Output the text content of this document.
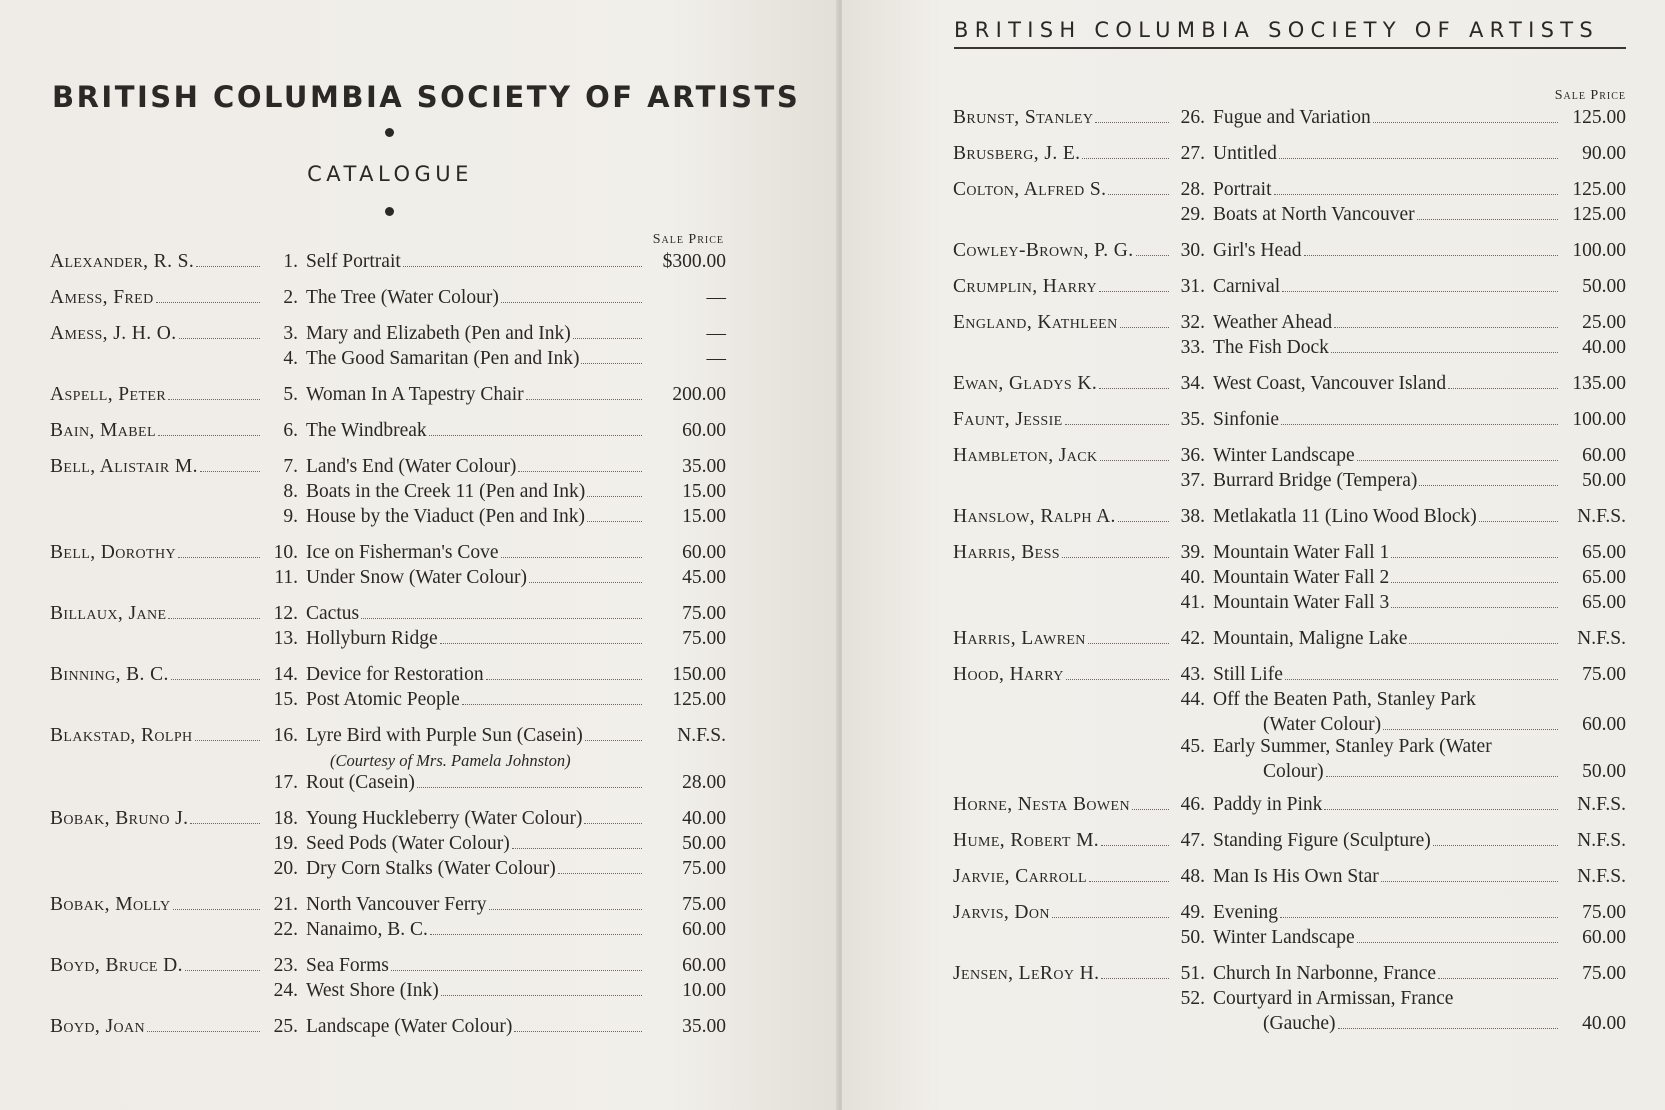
BRITISH COLUMBIA SOCIETY OF ARTISTS
CATALOGUE
Sale Price
Alexander, R. S.	1. Self Portrait	$300.00
Amess, Fred	2. The Tree (Water Colour)	—
Amess, J. H. O.	3. Mary and Elizabeth (Pen and Ink)	—
4. The Good Samaritan (Pen and Ink)	—
Aspell, Peter	5. Woman In A Tapestry Chair	200.00
Bain, Mabel	6. The Windbreak	60.00
Bell, Alistair M.	7. Land's End (Water Colour)	35.00
8. Boats in the Creek 11 (Pen and Ink)	15.00
9. House by the Viaduct (Pen and Ink)	15.00
Bell, Dorothy	10. Ice on Fisherman's Cove	60.00
11. Under Snow (Water Colour)	45.00
Billaux, Jane	12. Cactus	75.00
13. Hollyburn Ridge	75.00
Binning, B. C.	14. Device for Restoration	150.00
15. Post Atomic People	125.00
Blakstad, Rolph	16. Lyre Bird with Purple Sun (Casein)	N.F.S.
(Courtesy of Mrs. Pamela Johnston)
17. Rout (Casein)	28.00
Bobak, Bruno J.	18. Young Huckleberry (Water Colour)	40.00
19. Seed Pods (Water Colour)	50.00
20. Dry Corn Stalks (Water Colour)	75.00
Bobak, Molly	21. North Vancouver Ferry	75.00
22. Nanaimo, B. C.	60.00
Boyd, Bruce D.	23. Sea Forms	60.00
24. West Shore (Ink)	10.00
Boyd, Joan	25. Landscape (Water Colour)	35.00
BRITISH COLUMBIA SOCIETY OF ARTISTS
Sale Price
Brunst, Stanley	26. Fugue and Variation	125.00
Brusberg, J. E.	27. Untitled	90.00
Colton, Alfred S.	28. Portrait	125.00
29. Boats at North Vancouver	125.00
Cowley-Brown, P. G.	30. Girl's Head	100.00
Crumplin, Harry	31. Carnival	50.00
England, Kathleen	32. Weather Ahead	25.00
33. The Fish Dock	40.00
Ewan, Gladys K.	34. West Coast, Vancouver Island	135.00
Faunt, Jessie	35. Sinfonie	100.00
Hambleton, Jack	36. Winter Landscape	60.00
37. Burrard Bridge (Tempera)	50.00
Hanslow, Ralph A.	38. Metlakatla 11 (Lino Wood Block)	N.F.S.
Harris, Bess	39. Mountain Water Fall 1	65.00
40. Mountain Water Fall 2	65.00
41. Mountain Water Fall 3	65.00
Harris, Lawren	42. Mountain, Maligne Lake	N.F.S.
Hood, Harry	43. Still Life	75.00
44. Off the Beaten Path, Stanley Park
(Water Colour)	60.00
45. Early Summer, Stanley Park (Water
Colour)	50.00
Horne, Nesta Bowen	46. Paddy in Pink	N.F.S.
Hume, Robert M.	47. Standing Figure (Sculpture)	N.F.S.
Jarvie, Carroll	48. Man Is His Own Star	N.F.S.
Jarvis, Don	49. Evening	75.00
50. Winter Landscape	60.00
Jensen, LeRoy H.	51. Church In Narbonne, France	75.00
52. Courtyard in Armissan, France
(Gauche)	40.00
